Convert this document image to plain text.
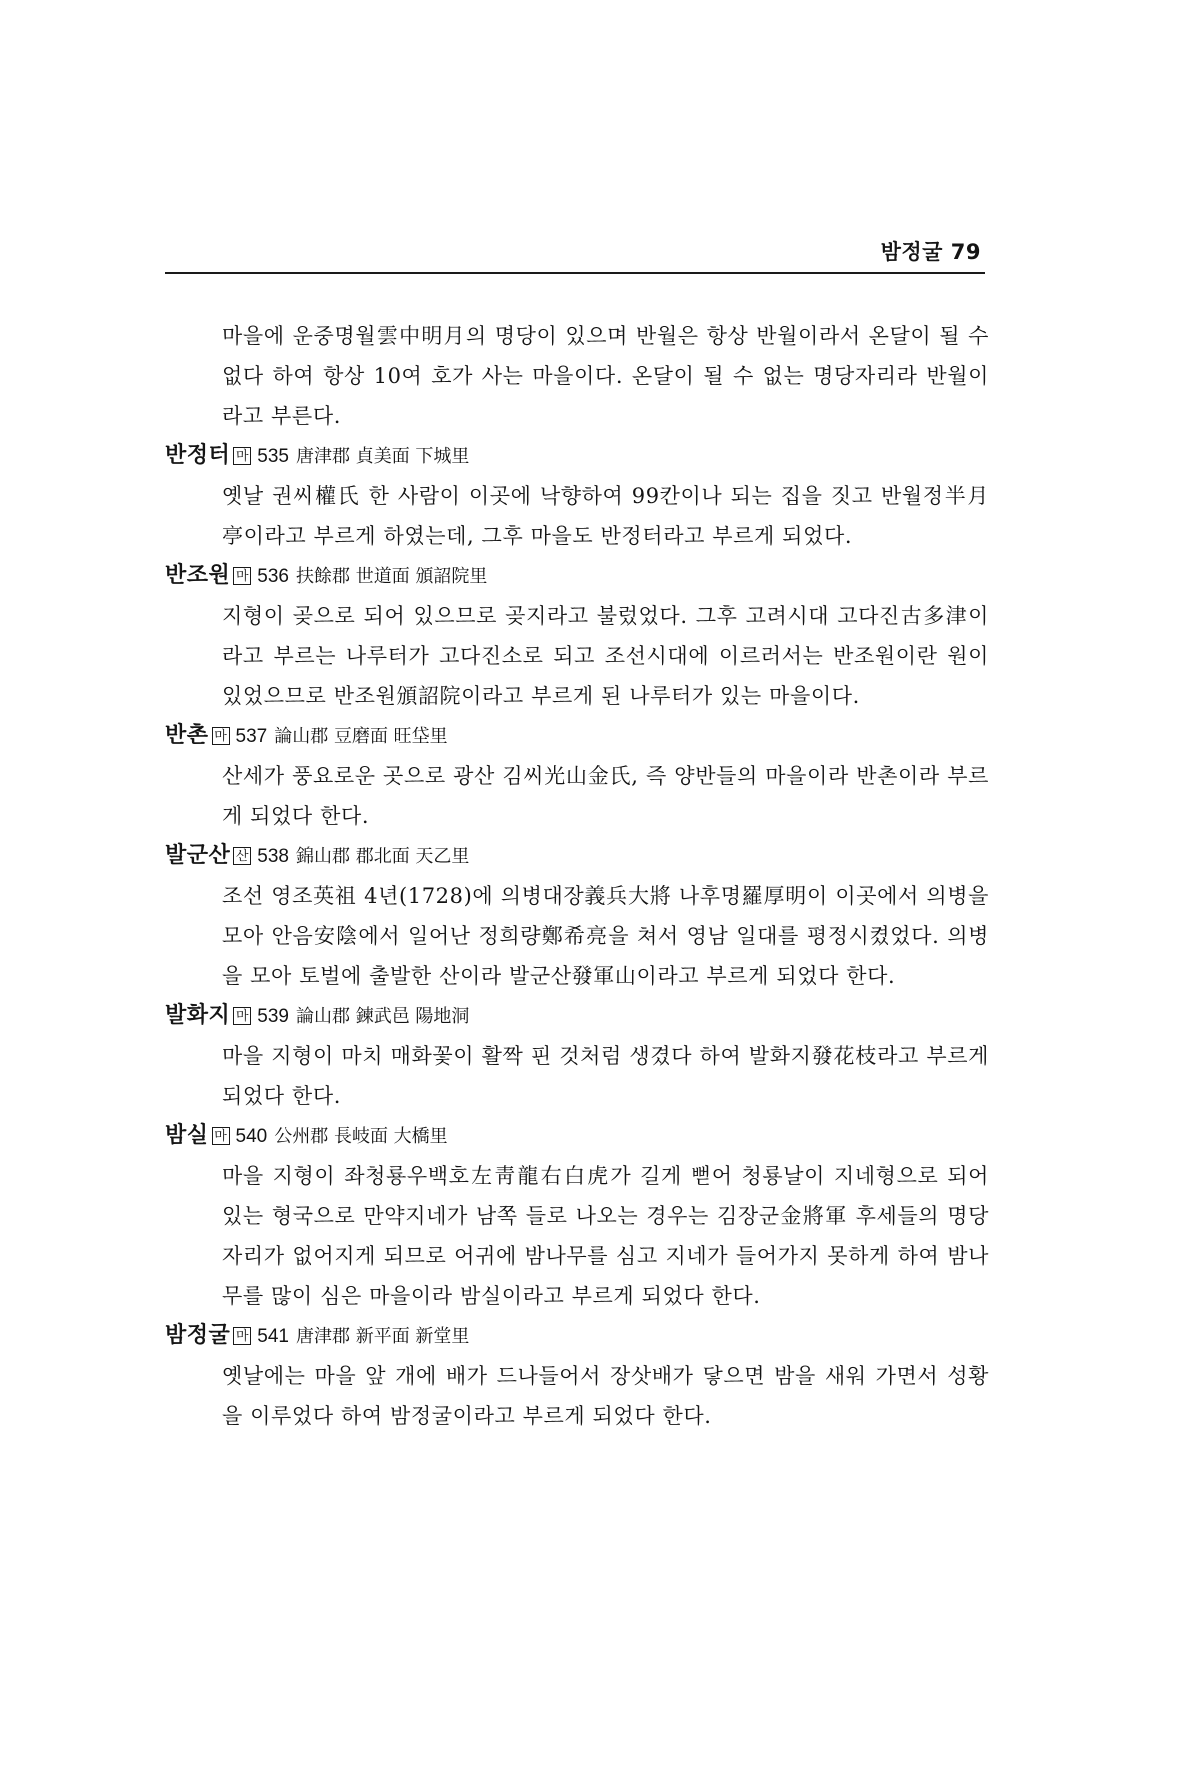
밤정굴 79

마을에 운중명월雲中明月의 명당이 있으며 반월은 항상 반월이라서 온달이 될 수 없다 하여 항상 10여 호가 사는 마을이다. 온달이 될 수 없는 명당자리라 반월이라고 부른다.

반정터 마 535 唐津郡 貞美面 下城里

옛날 권씨權氏 한 사람이 이곳에 낙향하여 99칸이나 되는 집을 짓고 반월정半月亭이라고 부르게 하였는데, 그후 마을도 반정터라고 부르게 되었다.

반조원 마 536 扶餘郡 世道面 頒詔院里

지형이 곶으로 되어 있으므로 곶지라고 불렀었다. 그후 고려시대 고다진古多津이라고 부르는 나루터가 고다진소로 되고 조선시대에 이르러서는 반조원이란 원이 있었으므로 반조원頒詔院이라고 부르게 된 나루터가 있는 마을이다.

반촌 마 537 論山郡 豆磨面 旺垈里

산세가 풍요로운 곳으로 광산 김씨光山金氏, 즉 양반들의 마을이라 반촌이라 부르게 되었다 한다.

발군산 산 538 錦山郡 郡北面 天乙里

조선 영조英祖 4년(1728)에 의병대장義兵大將 나후명羅厚明이 이곳에서 의병을 모아 안음安陰에서 일어난 정희량鄭希亮을 쳐서 영남 일대를 평정시켰었다. 의병을 모아 토벌에 출발한 산이라 발군산發軍山이라고 부르게 되었다 한다.

발화지 마 539 論山郡 鍊武邑 陽地洞

마을 지형이 마치 매화꽃이 활짝 핀 것처럼 생겼다 하여 발화지發花枝라고 부르게 되었다 한다.

밤실 마 540 公州郡 長岐面 大橋里

마을 지형이 좌청룡우백호左靑龍右白虎가 길게 뻗어 청룡날이 지네형으로 되어 있는 형국으로 만약지네가 남쪽 들로 나오는 경우는 김장군金將軍 후세들의 명당자리가 없어지게 되므로 어귀에 밤나무를 심고 지네가 들어가지 못하게 하여 밤나무를 많이 심은 마을이라 밤실이라고 부르게 되었다 한다.

밤정굴 마 541 唐津郡 新平面 新堂里

옛날에는 마을 앞 개에 배가 드나들어서 장삿배가 닿으면 밤을 새워 가면서 성황을 이루었다 하여 밤정굴이라고 부르게 되었다 한다.
